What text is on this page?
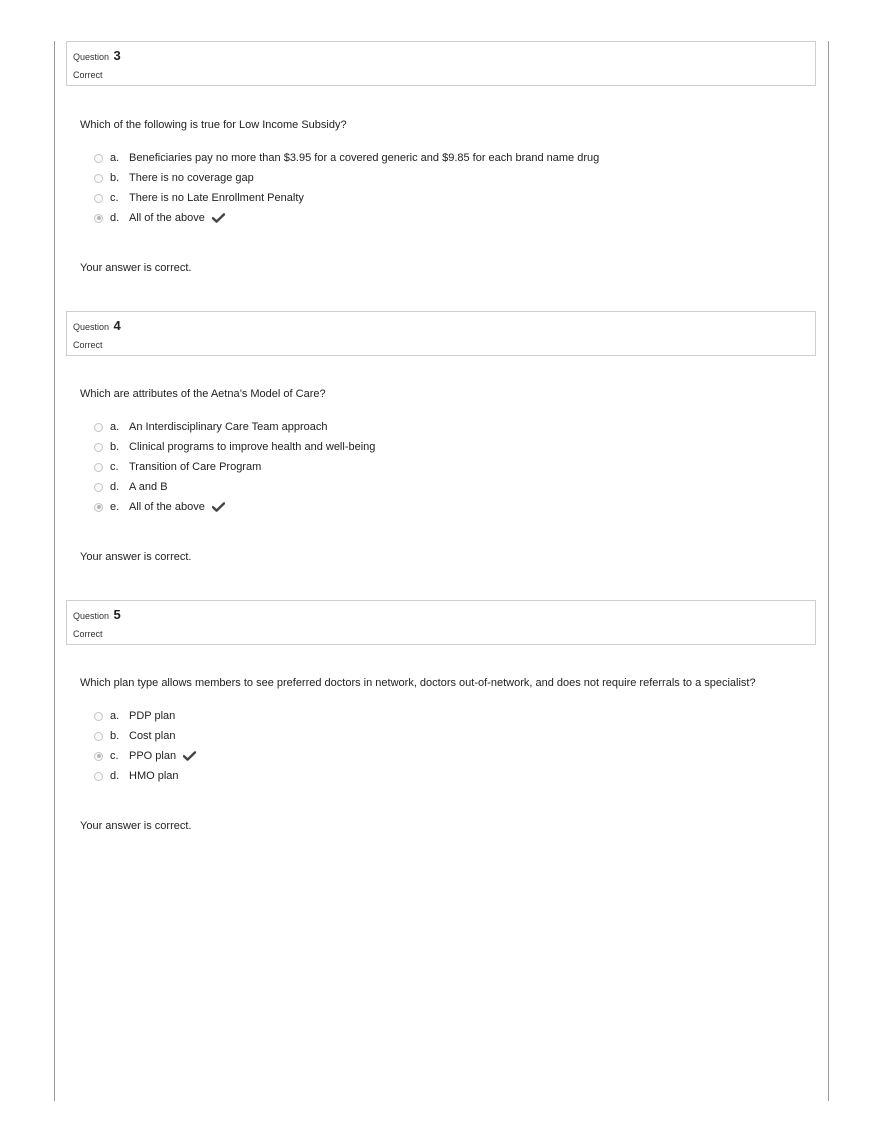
Question 3
Correct
Which of the following is true for Low Income Subsidy?
a. Beneficiaries pay no more than $3.95 for a covered generic and $9.85 for each brand name drug
b. There is no coverage gap
c. There is no Late Enrollment Penalty
d. All of the above
Your answer is correct.
Question 4
Correct
Which are attributes of the Aetna’s Model of Care?
a. An Interdisciplinary Care Team approach
b. Clinical programs to improve health and well-being
c. Transition of Care Program
d. A and B
e. All of the above
Your answer is correct.
Question 5
Correct
Which plan type allows members to see preferred doctors in network, doctors out-of-network, and does not require referrals to a specialist?
a. PDP plan
b. Cost plan
c. PPO plan
d. HMO plan
Your answer is correct.
